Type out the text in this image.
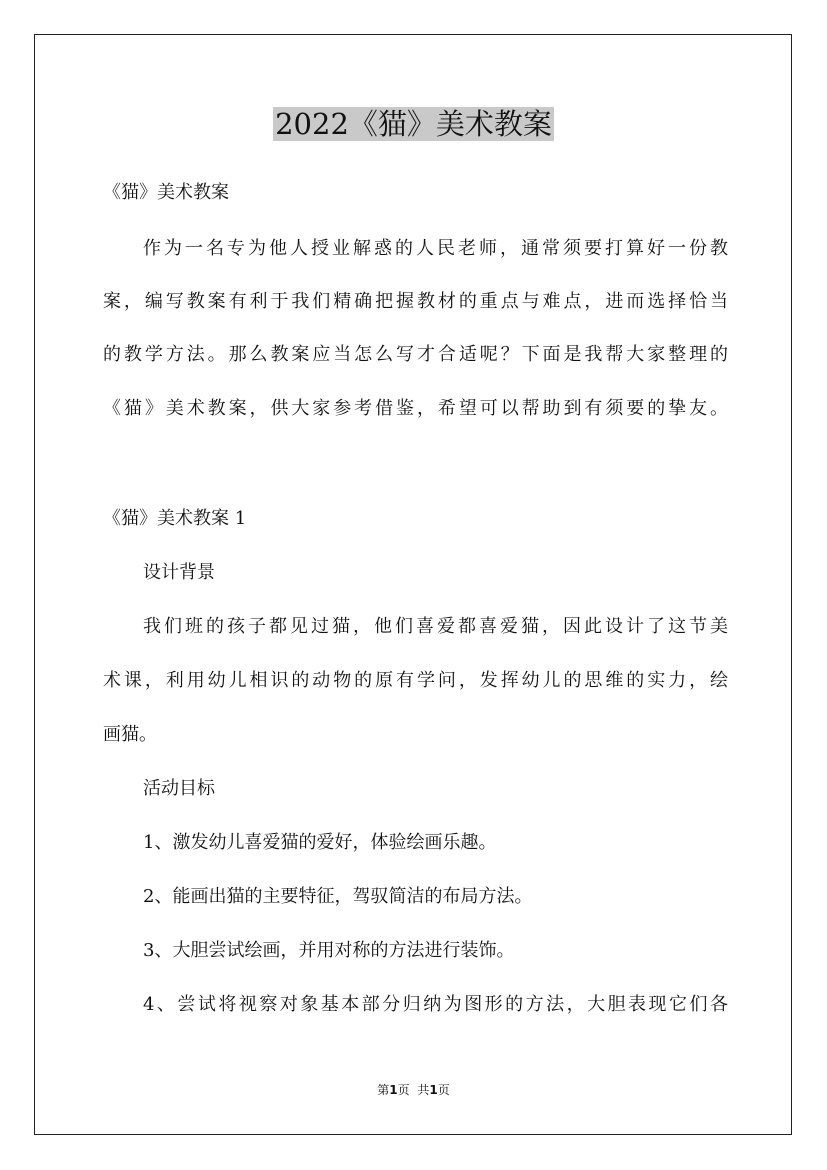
2022《猫》美术教案

《猫》美术教案

作为一名专为他人授业解惑的人民老师，通常须要打算好一份教

案，编写教案有利于我们精确把握教材的重点与难点，进而选择恰当

的教学方法。那么教案应当怎么写才合适呢？下面是我帮大家整理的

《猫》美术教案，供大家参考借鉴，希望可以帮助到有须要的挚友。

《猫》美术教案 1

设计背景

我们班的孩子都见过猫，他们喜爱都喜爱猫，因此设计了这节美

术课，利用幼儿相识的动物的原有学问，发挥幼儿的思维的实力，绘

画猫。

活动目标

1、激发幼儿喜爱猫的爱好，体验绘画乐趣。

2、能画出猫的主要特征，驾驭简洁的布局方法。

3、大胆尝试绘画，并用对称的方法进行装饰。

4、尝试将视察对象基本部分归纳为图形的方法，大胆表现它们各

第1页 共1页
